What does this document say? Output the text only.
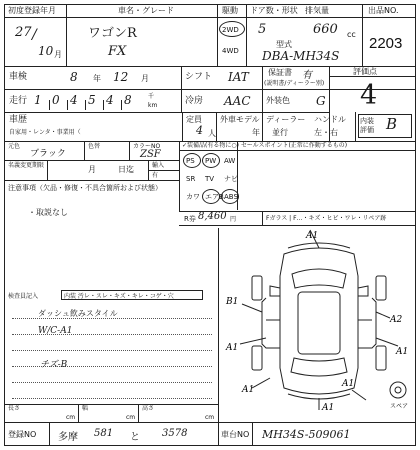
初度登録年月
27 /
10 月
車名・グレード
ワゴンR
FX
駆動
2WD
4WD
ドア数・形状
5
排気量
660 cc
型式
DBA-MH34S
出品NO.
2203
車検	8 年 12 月	シフト IAT 保証書
(説明書/ディーラー別)
有	評価点
4
走行 1 0 4 5 4 8	千
km	冷房 AAC 外装色 G
車歴
自家用・レンタ・事業用（
定員
4 人
外車モデル
年
ディーラー
並行
ハンドル
左・右
内装評価 B
元色
ブラック
色替	カラーNO
ZSF
✓装備品(有る物に○) セールスポイント(正常に作動するもの)
名義変更期限	月	日迄	輸入
有
PS PW AW
SR TV ナビ
カワ エアB ABS
R券 8,460 円	Fガラス | F…・キズ・ヒビ・ワレ・リペア跡
注意事項（欠品・修復・不具合箇所および状態）
・取説なし
検査員記入	内装 汚レ・スレ・キズ・キレ・コゲ・穴
ダッシュ飲みスタイル
W/C-A1
チズ-B
A1
B1
A1
A2
A1
A1
A1
A1	スペア
長さ
cm
幅
cm
高さ
cm
登録NO 多摩 581 と 3578	車台NO MH34S-509061
